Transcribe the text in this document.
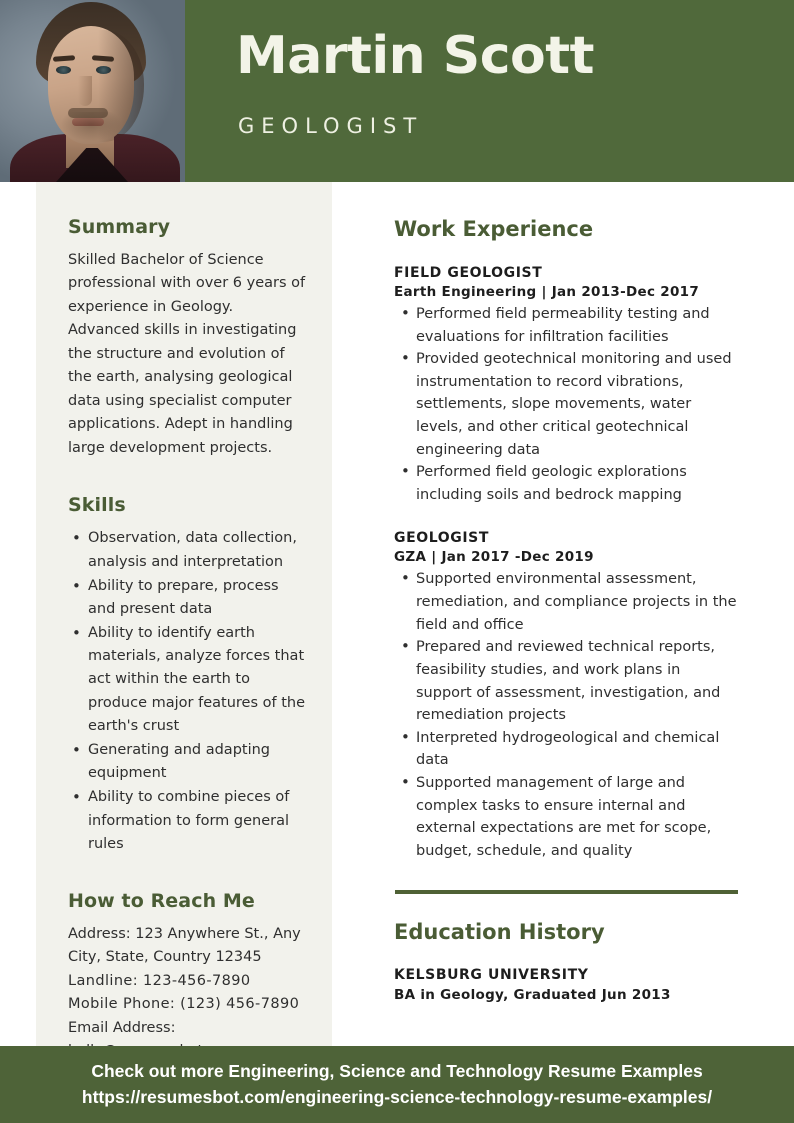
Martin Scott
GEOLOGIST
Summary

Skilled Bachelor of Science professional with over 6 years of experience in Geology. Advanced skills in investigating the structure and evolution of the earth, analysing geological data using specialist computer applications. Adept in handling large development projects.

Skills
• Observation, data collection, analysis and interpretation
• Ability to prepare, process and present data
• Ability to identify earth materials, analyze forces that act within the earth to produce major features of the earth's crust
• Generating and adapting equipment
• Ability to combine pieces of information to form general rules
How to Reach Me

Address: 123 Anywhere St., Any City, State, Country 12345

Landline: 123-456-7890

Mobile Phone: (123) 456-7890

Email Address:

Work Experience

FIELD GEOLOGIST

Earth Engineering | Jan 2013-Dec 2017

• Performed field permeability testing and evaluations for infiltration facilities
• Provided geotechnical monitoring and used instrumentation to record vibrations, settlements, slope movements, water levels, and other critical geotechnical engineering data
• Performed field geologic explorations including soils and bedrock mapping

GEOLOGIST

GZA | Jan 2017 -Dec 2019

• Supported environmental assessment, remediation, and compliance projects in the field and office
• Prepared and reviewed technical reports, feasibility studies, and work plans in support of assessment, investigation, and remediation projects
• Interpreted hydrogeological and chemical data
• Supported management of large and complex tasks to ensure internal and external expectations are met for scope, budget, schedule, and quality
Education History

KELSBURG UNIVERSITY

BA in Geology, Graduated Jun 2013

Check out more Engineering, Science and Technology Resume Examples
https://resumesbot.com/engineering-science-technology-resume-examples/
